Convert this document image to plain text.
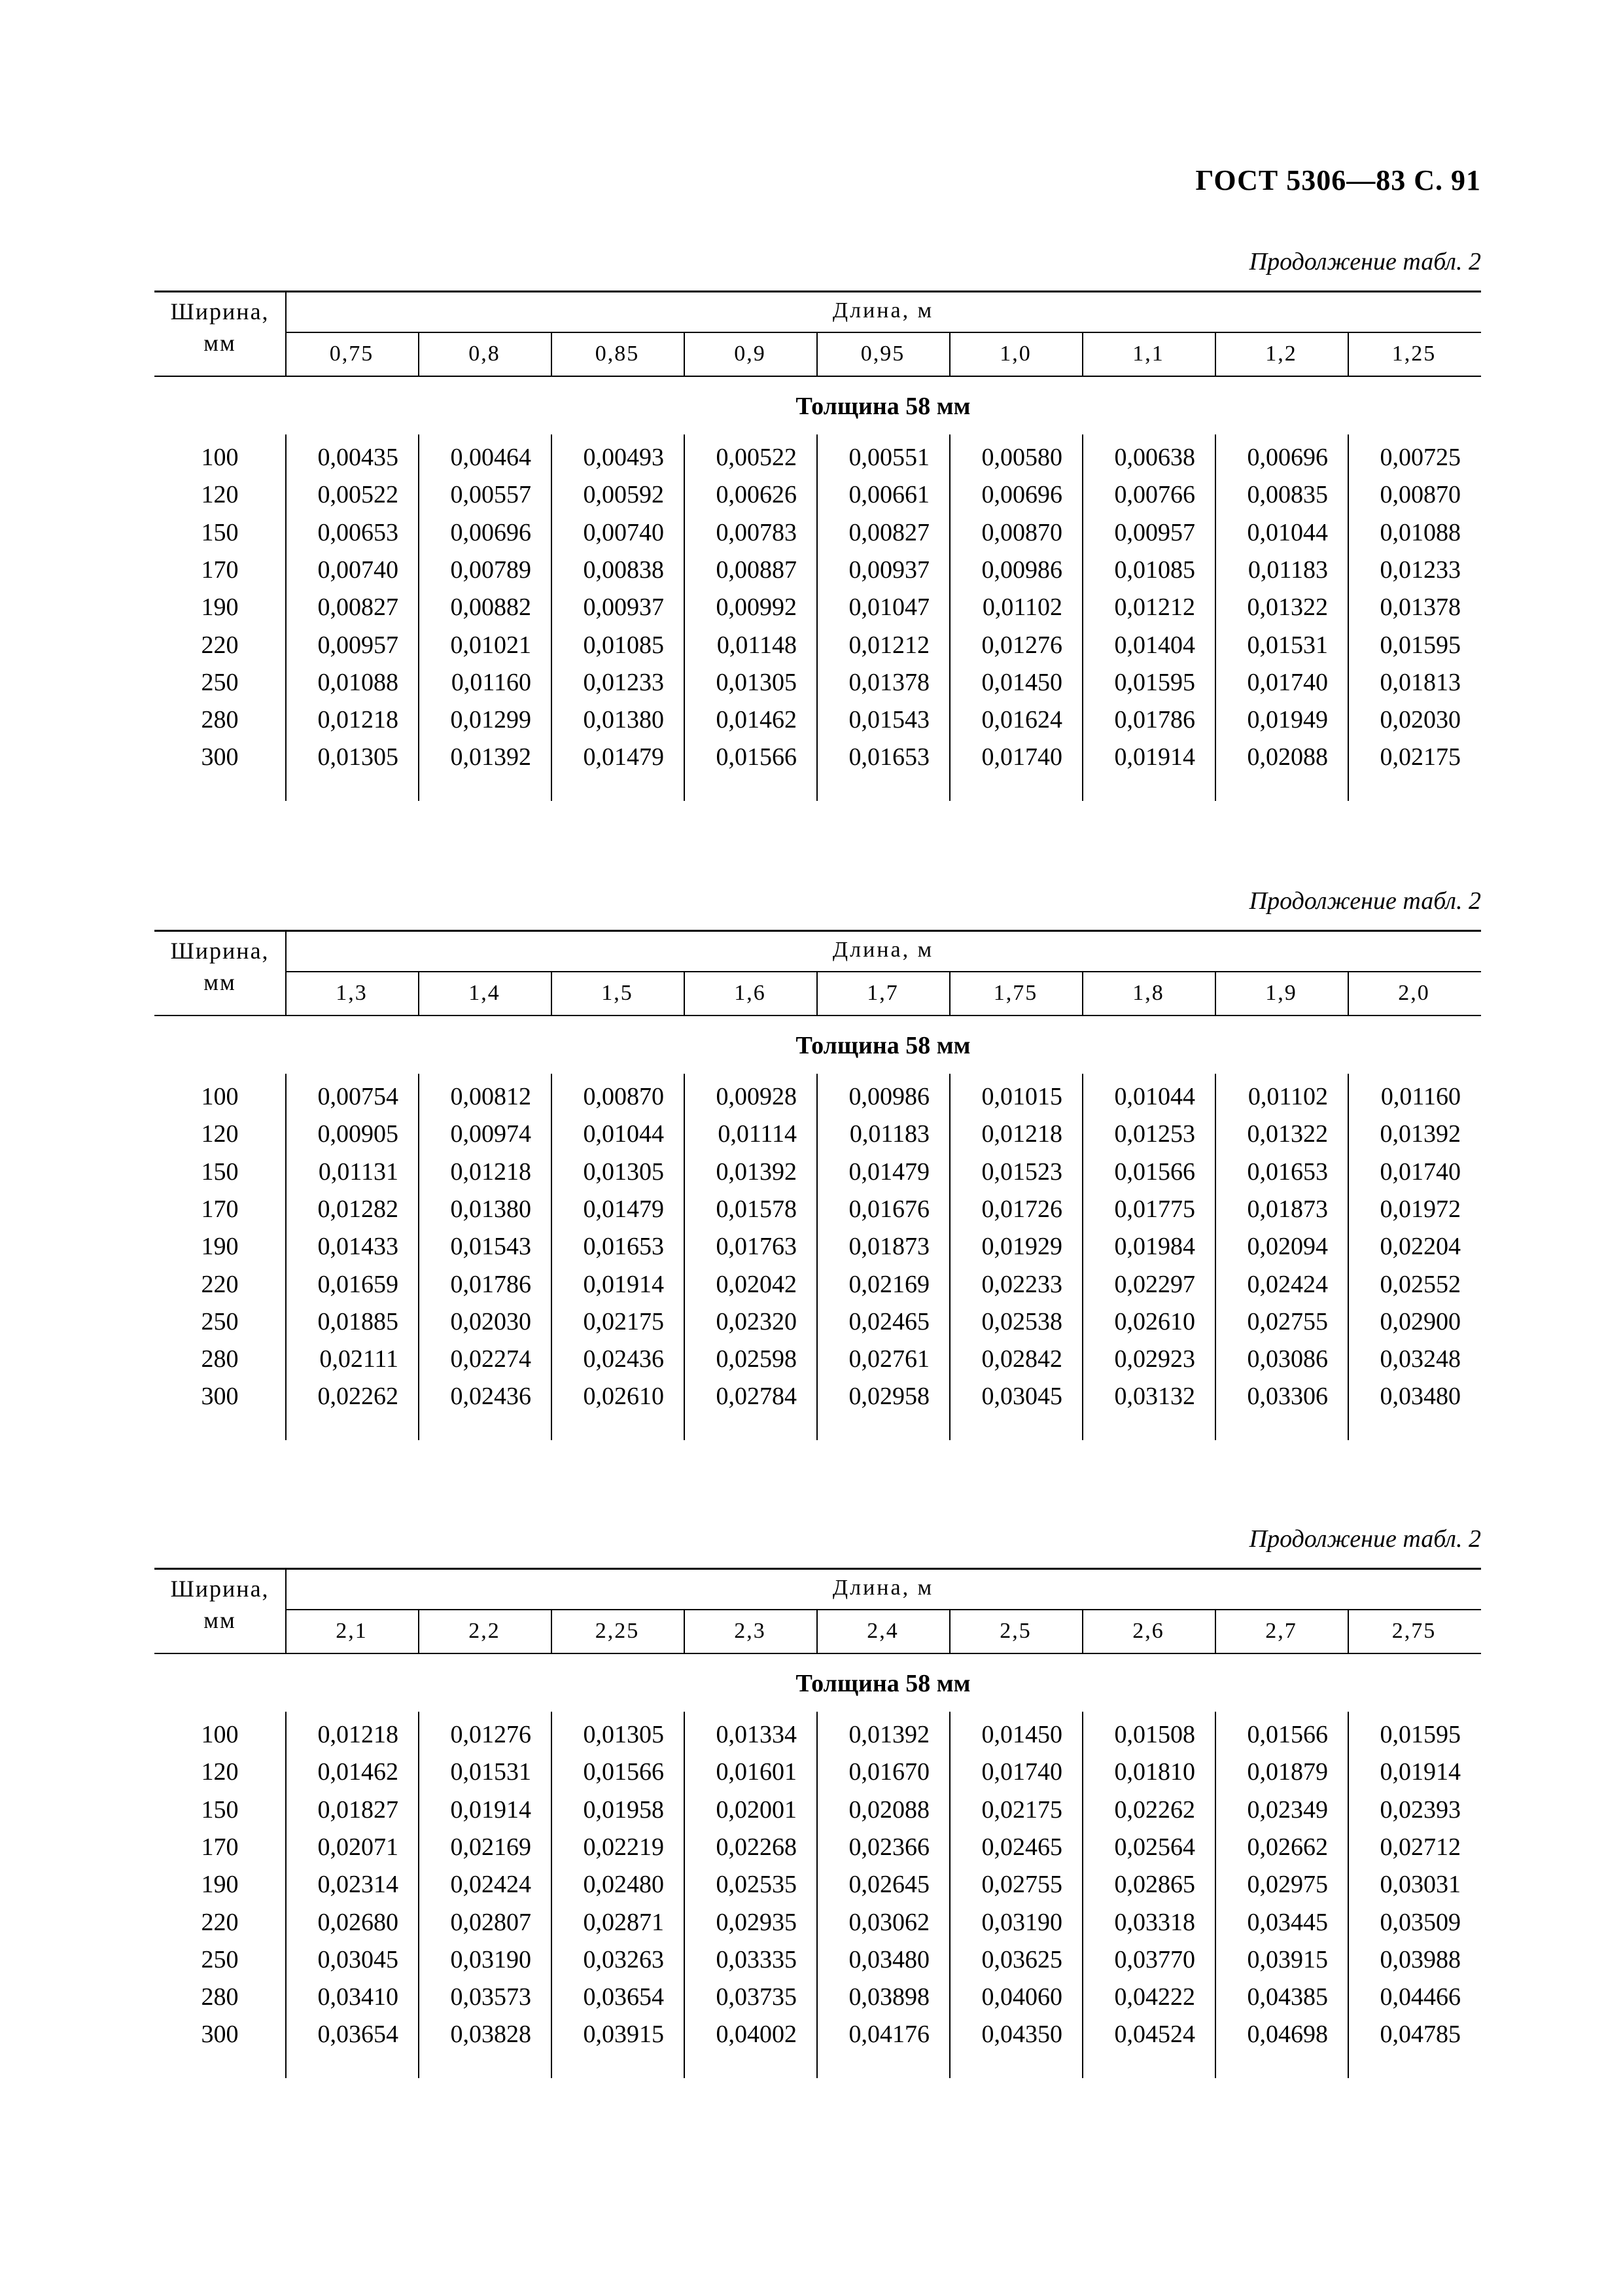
ГОСТ 5306—83 С. 91
Продолжение табл. 2
Ширина,
мм
Длина, м
0,75	0,8	0,85	0,9	0,95	1,0	1,1	1,2	1,25
Толщина 58 мм
100	0,00435 0,00464 0,00493 0,00522 0,00551 0,00580 0,00638 0,00696 0,00725
120	0,00522 0,00557 0,00592 0,00626 0,00661 0,00696 0,00766 0,00835 0,00870
150	0,00653 0,00696 0,00740 0,00783 0,00827 0,00870 0,00957 0,01044 0,01088
170	0,00740 0,00789 0,00838 0,00887 0,00937 0,00986 0,01085 0,01183 0,01233
190	0,00827 0,00882 0,00937 0,00992 0,01047 0,01102 0,01212 0,01322 0,01378
220	0,00957 0,01021 0,01085 0,01148 0,01212 0,01276 0,01404 0,01531 0,01595
250	0,01088 0,01160 0,01233 0,01305 0,01378 0,01450 0,01595 0,01740 0,01813
280	0,01218 0,01299 0,01380 0,01462 0,01543 0,01624 0,01786 0,01949 0,02030
300	0,01305 0,01392 0,01479 0,01566 0,01653 0,01740 0,01914 0,02088 0,02175
Продолжение табл. 2
Ширина,
мм
Длина, м
1,3	1,4	1,5	1,6	1,7	1,75	1,8	1,9	2,0
Толщина 58 мм
100	0,00754 0,00812 0,00870 0,00928 0,00986 0,01015 0,01044 0,01102 0,01160
120	0,00905 0,00974 0,01044 0,01114 0,01183 0,01218 0,01253 0,01322 0,01392
150	0,01131 0,01218 0,01305 0,01392 0,01479 0,01523 0,01566 0,01653 0,01740
170	0,01282 0,01380 0,01479 0,01578 0,01676 0,01726 0,01775 0,01873 0,01972
190	0,01433 0,01543 0,01653 0,01763 0,01873 0,01929 0,01984 0,02094 0,02204
220	0,01659 0,01786 0,01914 0,02042 0,02169 0,02233 0,02297 0,02424 0,02552
250	0,01885 0,02030 0,02175 0,02320 0,02465 0,02538 0,02610 0,02755 0,02900
280	0,02111 0,02274 0,02436 0,02598 0,02761 0,02842 0,02923 0,03086 0,03248
300	0,02262 0,02436 0,02610 0,02784 0,02958 0,03045 0,03132 0,03306 0,03480
Продолжение табл. 2
Ширина,
мм
Длина, м
2,1	2,2	2,25	2,3	2,4	2,5	2,6	2,7	2,75
Толщина 58 мм
100	0,01218 0,01276 0,01305 0,01334 0,01392 0,01450 0,01508 0,01566 0,01595
120	0,01462 0,01531 0,01566 0,01601 0,01670 0,01740 0,01810 0,01879 0,01914
150	0,01827 0,01914 0,01958 0,02001 0,02088 0,02175 0,02262 0,02349 0,02393
170	0,02071 0,02169 0,02219 0,02268 0,02366 0,02465 0,02564 0,02662 0,02712
190	0,02314 0,02424 0,02480 0,02535 0,02645 0,02755 0,02865 0,02975 0,03031
220	0,02680 0,02807 0,02871 0,02935 0,03062 0,03190 0,03318 0,03445 0,03509
250	0,03045 0,03190 0,03263 0,03335 0,03480 0,03625 0,03770 0,03915 0,03988
280	0,03410 0,03573 0,03654 0,03735 0,03898 0,04060 0,04222 0,04385 0,04466
300	0,03654 0,03828 0,03915 0,04002 0,04176 0,04350 0,04524 0,04698 0,04785
